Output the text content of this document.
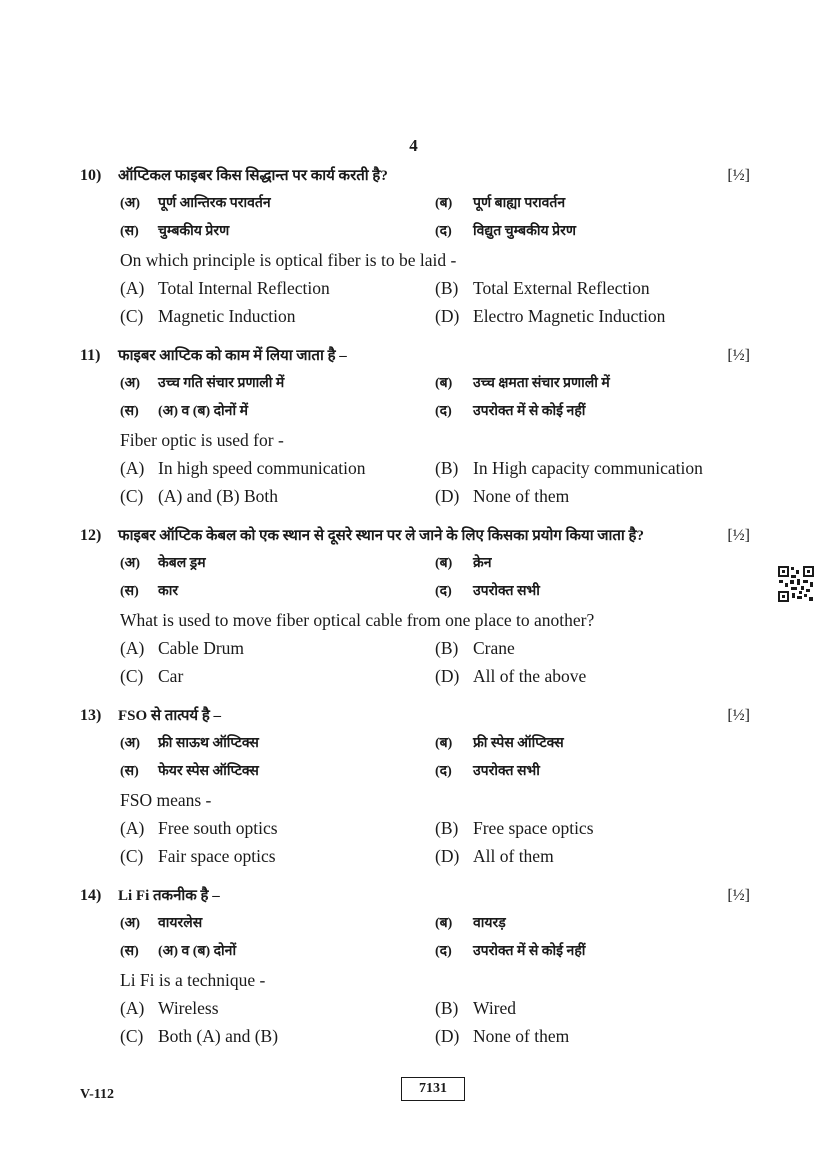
4
10) ऑप्टिकल फाइबर किस सिद्धान्त पर कार्य करती है?	[½]
(अ) पूर्ण आन्तिरक परावर्तन	(ब) पूर्ण बाह्या परावर्तन
(स) चुम्बकीय प्रेरण	(द) विद्युत चुम्बकीय प्रेरण
On which principle is optical fiber is to be laid -
(A) Total Internal Reflection	(B) Total External Reflection
(C) Magnetic Induction	(D) Electro Magnetic Induction
11) फाइबर आप्टिक को काम में लिया जाता है –	[½]
(अ) उच्च गति संचार प्रणाली में	(ब) उच्च क्षमता संचार प्रणाली में
(स) (अ) व (ब) दोनों में	(द) उपरोक्त में से कोई नहीं
Fiber optic is used for -
(A) In high speed communication	(B) In High capacity communication
(C) (A) and (B) Both	(D) None of them
12) फाइबर ऑप्टिक केबल को एक स्थान से दूसरे स्थान पर ले जाने के लिए किसका प्रयोग किया जाता है?	[½]
(अ) केबल ड्रम	(ब) क्रेन
(स) कार	(द) उपरोक्त सभी
What is used to move fiber optical cable from one place to another?
(A) Cable Drum	(B) Crane
(C) Car	(D) All of the above
13) FSO से तात्पर्य है –	[½]
(अ) फ्री साऊथ ऑप्टिक्स	(ब) फ्री स्पेस ऑप्टिक्स
(स) फेयर स्पेस ऑप्टिक्स	(द) उपरोक्त सभी
FSO means -
(A) Free south optics	(B) Free space optics
(C) Fair space optics	(D) All of them
14) Li Fi तकनीक है –	[½]
(अ) वायरलेस	(ब) वायरड़
(स) (अ) व (ब) दोनों	(द) उपरोक्त में से कोई नहीं
Li Fi is a technique -
(A) Wireless	(B) Wired
(C) Both (A) and (B)	(D) None of them
V-112	7131
